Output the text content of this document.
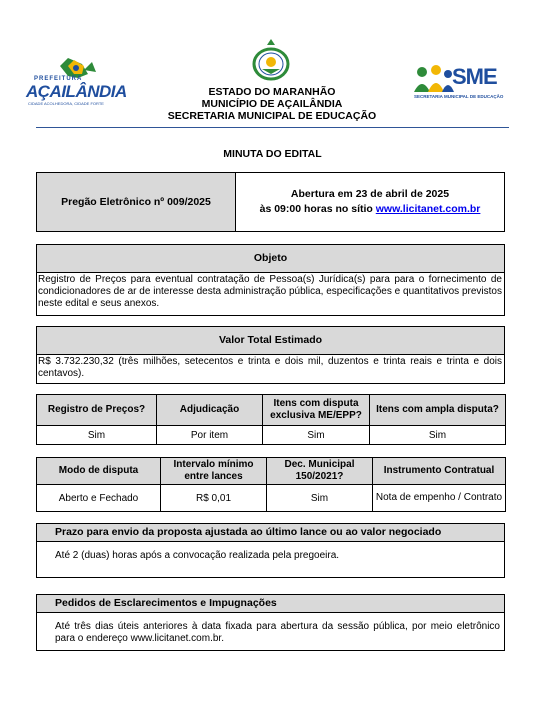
PREFEITURA
AÇAILÂNDIA
CIDADE ACOLHEDORA, CIDADE FORTE
SME
SECRETARIA MUNICIPAL DE EDUCAÇÃO
ESTADO DO MARANHÃO
MUNICÍPIO DE AÇAILÂNDIA
SECRETARIA MUNICIPAL DE EDUCAÇÃO
MINUTA DO EDITAL
Pregão Eletrônico nº 009/2025
Abertura em 23 de abril de 2025
às 09:00 horas no sítio www.licitanet.com.br
Objeto
Registro de Preços para eventual contratação de Pessoa(s) Jurídica(s) para para o fornecimento de condicionadores de ar de interesse desta administração pública, especificações e quantitativos previstos neste edital e seus anexos.
Valor Total Estimado
R$ 3.732.230,32 (três milhões, setecentos e trinta e dois mil, duzentos e trinta reais e trinta e dois centavos).
Registro de Preços?	Adjudicação	Itens com disputa exclusiva ME/EPP?	Itens com ampla disputa?
Sim	Por item	Sim	Sim
Modo de disputa	Intervalo mínimo entre lances	Dec. Municipal 150/2021?	Instrumento Contratual
Aberto e Fechado	R$ 0,01	Sim	Nota de empenho / Contrato
Prazo para envio da proposta ajustada ao último lance ou ao valor negociado
Até 2 (duas) horas após a convocação realizada pela pregoeira.
Pedidos de Esclarecimentos e Impugnações
Até três dias úteis anteriores à data fixada para abertura da sessão pública, por meio eletrônico para o endereço www.licitanet.com.br.
